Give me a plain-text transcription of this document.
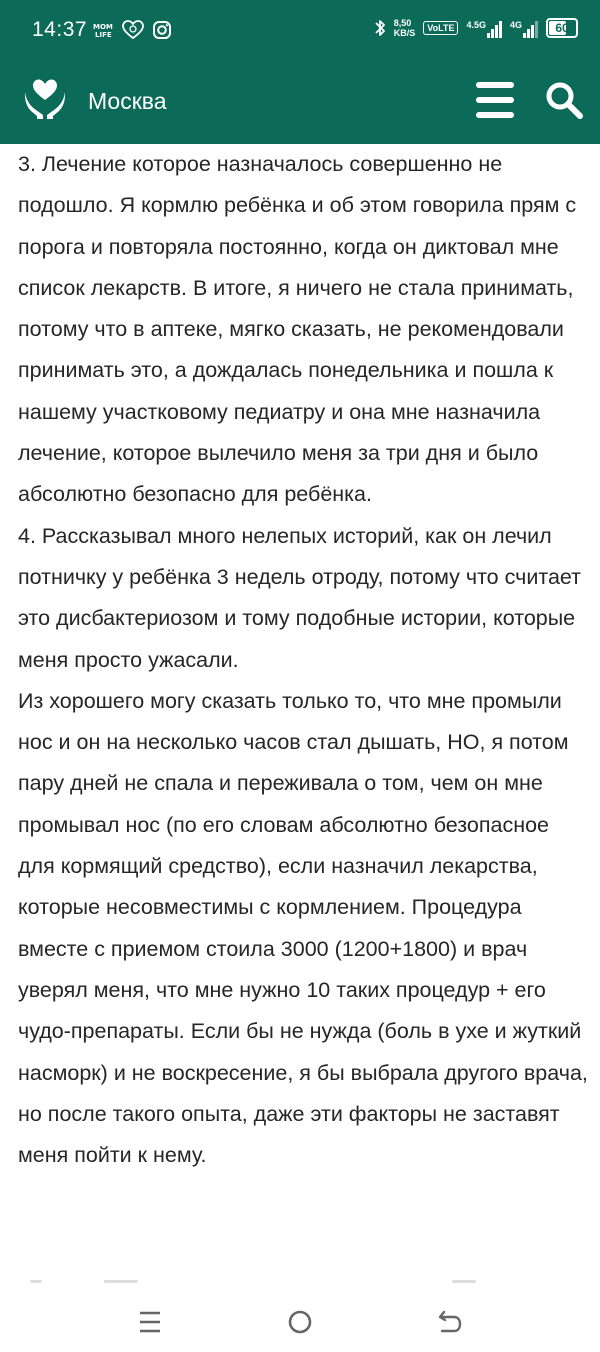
14:37 MOM
LIFE
8,50
KB/S	VoLTE	4.5G	4G	60
Москва

3. Лечение которое назначалось совершенно не подошло. Я кормлю ребёнка и об этом говорила прям с порога и повторяла постоянно, когда он диктовал мне список лекарств. В итоге, я ничего не стала принимать, потому что в аптеке, мягко сказать, не рекомендовали принимать это, а дождалась понедельника и пошла к нашему участковому педиатру и она мне назначила лечение, которое вылечило меня за три дня и было абсолютно безопасно для ребёнка.

4. Рассказывал много нелепых историй, как он лечил потничку у ребёнка 3 недель отроду, потому что считает это дисбактериозом и тому подобные истории, которые меня просто ужасали.

Из хорошего могу сказать только то, что мне промыли нос и он на несколько часов стал дышать, НО, я потом пару дней не спала и переживала о том, чем он мне промывал нос (по его словам абсолютно безопасное для кормящий средство), если назначил лекарства, которые несовместимы с кормлением. Процедура вместе с приемом стоила 3000 (1200+1800) и врач уверял меня, что мне нужно 10 таких процедур + его чудо-препараты. Если бы не нужда (боль в ухе и жуткий насморк) и не воскресение, я бы выбрала другого врача, но после такого опыта, даже эти факторы не заставят меня пойти к нему.
